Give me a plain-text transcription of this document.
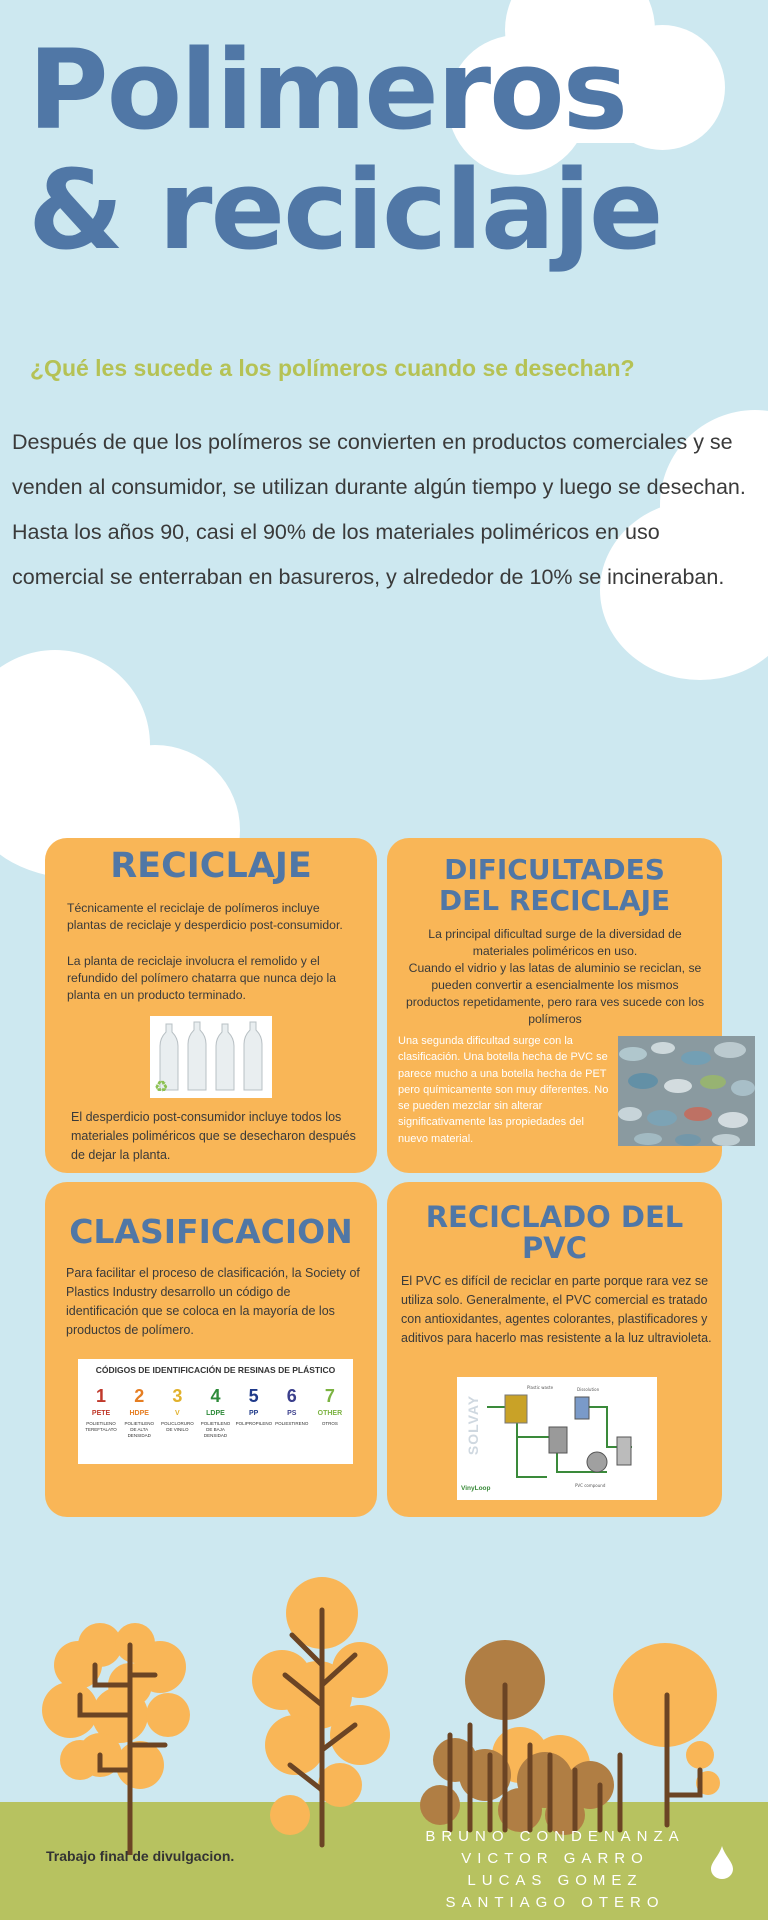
Polimeros
& reciclaje

¿Qué les sucede a los polímeros cuando se desechan?

Después de que los polímeros se convierten en productos comerciales y se venden al consumidor, se utilizan durante algún tiempo y luego se desechan.

Hasta los años 90, casi el 90% de los materiales poliméricos en uso comercial se enterraban en basureros, y alrededor de 10% se incineraban.

RECICLAJE

Técnicamente el reciclaje de polímeros incluye plantas de reciclaje y desperdicio post-consumidor.

La planta de reciclaje involucra el remolido y el refundido del polímero chatarra que nunca dejo la planta en un producto terminado.

♻

El desperdicio post-consumidor incluye todos los materiales poliméricos que se desecharon después de dejar la planta.

DIFICULTADES
DEL RECICLAJE

La principal dificultad surge de la diversidad de materiales poliméricos en uso.

Cuando el vidrio y las latas de aluminio se reciclan, se pueden convertir a esencialmente los mismos productos repetidamente, pero rara ves sucede con los polímeros

Una segunda dificultad surge con la clasificación. Una botella hecha de PVC se parece mucho a una botella hecha de PET pero químicamente son muy diferentes. No se pueden mezclar sin alterar significativamente las propiedades del nuevo material.

CLASIFICACION

Para facilitar el proceso de clasificación, la Society of Plastics Industry desarrollo un código de identificación que se coloca en la mayoría de los productos de polímero.

CÓDIGOS DE IDENTIFICACIÓN DE RESINAS DE PLÁSTICO
1
PETE
POLIETILENO TEREFTALATO
2
HDPE
POLIETILENO DE ALTA DENSIDAD
3
V
POLICLORURO DE VINILO
4
LDPE
POLIETILENO DE BAJA DENSIDAD
5
PP
POLIPROPILENO
6
PS
POLIESTIRENO
7
OTHER
OTROS
RECICLADO DEL
PVC

El PVC es difícil de reciclar en parte porque rara vez se utiliza solo. Generalmente, el PVC comercial es tratado con antioxidantes, agentes colorantes, plastificadores y aditivos para hacerlo mas resistente a la luz ultravioleta.

Plastic waste	Dissolution
PVC compound
SOLVAY
VinyLoop
Trabajo final de divulgacion.
BRUNO CONDENANZA
VICTOR GARRO
LUCAS GOMEZ
SANTIAGO OTERO
